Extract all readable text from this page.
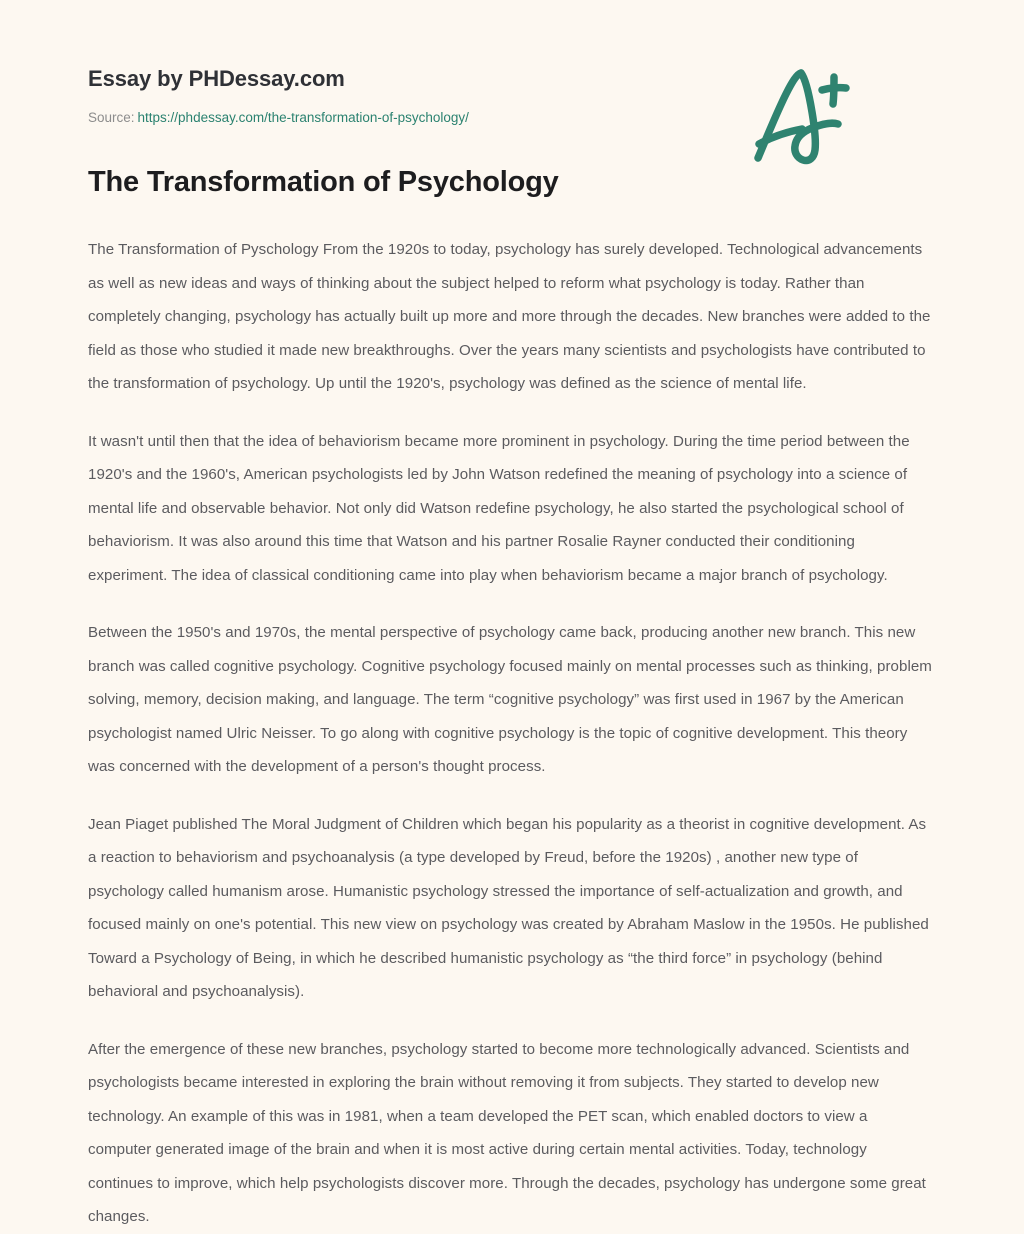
Essay by PHDessay.com
Source: https://phdessay.com/the-transformation-of-psychology/
The Transformation of Psychology

The Transformation of Pyschology From the 1920s to today, psychology has surely developed. Technological advancements as well as new ideas and ways of thinking about the subject helped to reform what psychology is today. Rather than completely changing, psychology has actually built up more and more through the decades. New branches were added to the field as those who studied it made new breakthroughs. Over the years many scientists and psychologists have contributed to the transformation of psychology. Up until the 1920's, psychology was defined as the science of mental life.

It wasn't until then that the idea of behaviorism became more prominent in psychology. During the time period between the 1920's and the 1960's, American psychologists led by John Watson redefined the meaning of psychology into a science of mental life and observable behavior. Not only did Watson redefine psychology, he also started the psychological school of behaviorism. It was also around this time that Watson and his partner Rosalie Rayner conducted their conditioning experiment. The idea of classical conditioning came into play when behaviorism became a major branch of psychology.

Between the 1950's and 1970s, the mental perspective of psychology came back, producing another new branch. This new branch was called cognitive psychology. Cognitive psychology focused mainly on mental processes such as thinking, problem solving, memory, decision making, and language. The term “cognitive psychology” was first used in 1967 by the American psychologist named Ulric Neisser. To go along with cognitive psychology is the topic of cognitive development. This theory was concerned with the development of a person's thought process.

Jean Piaget published The Moral Judgment of Children which began his popularity as a theorist in cognitive development. As a reaction to behaviorism and psychoanalysis (a type developed by Freud, before the 1920s) , another new type of psychology called humanism arose. Humanistic psychology stressed the importance of self-actualization and growth, and focused mainly on one's potential. This new view on psychology was created by Abraham Maslow in the 1950s. He published Toward a Psychology of Being, in which he described humanistic psychology as “the third force” in psychology (behind behavioral and psychoanalysis).

After the emergence of these new branches, psychology started to become more technologically advanced. Scientists and psychologists became interested in exploring the brain without removing it from subjects. They started to develop new technology. An example of this was in 1981, when a team developed the PET scan, which enabled doctors to view a computer generated image of the brain and when it is most active during certain mental activities. Today, technology continues to improve, which help psychologists discover more. Through the decades, psychology has undergone some great changes.
